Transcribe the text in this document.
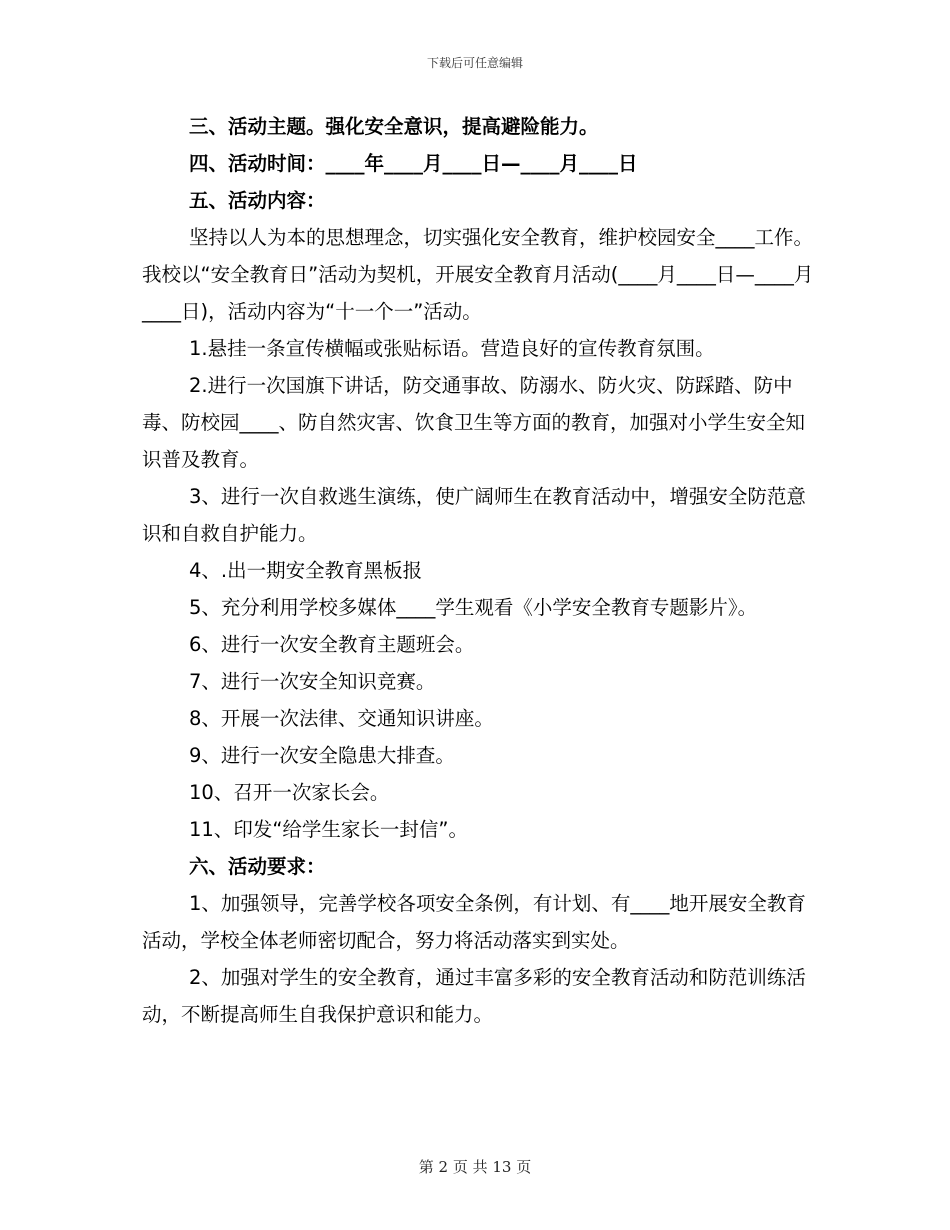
下载后可任意编辑

三、活动主题。强化安全意识，提高避险能力。

四、活动时间：____年____月____日—____月____日

五、活动内容：

坚持以人为本的思想理念，切实强化安全教育，维护校园安全____工作。我校以“安全教育日”活动为契机，开展安全教育月活动(____月____日—____月____日)，活动内容为“十一个一”活动。

1.悬挂一条宣传横幅或张贴标语。营造良好的宣传教育氛围。

2.进行一次国旗下讲话，防交通事故、防溺水、防火灾、防踩踏、防中毒、防校园____、防自然灾害、饮食卫生等方面的教育，加强对小学生安全知识普及教育。

3、进行一次自救逃生演练，使广阔师生在教育活动中，增强安全防范意识和自救自护能力。

4、.出一期安全教育黑板报

5、充分利用学校多媒体____学生观看《小学安全教育专题影片》。

6、进行一次安全教育主题班会。

7、进行一次安全知识竞赛。

8、开展一次法律、交通知识讲座。

9、进行一次安全隐患大排查。

10、召开一次家长会。

11、印发“给学生家长一封信”。

六、活动要求：

1、加强领导，完善学校各项安全条例，有计划、有____地开展安全教育活动，学校全体老师密切配合，努力将活动落实到实处。

2、加强对学生的安全教育，通过丰富多彩的安全教育活动和防范训练活动，不断提高师生自我保护意识和能力。

第 2 页 共 13 页
